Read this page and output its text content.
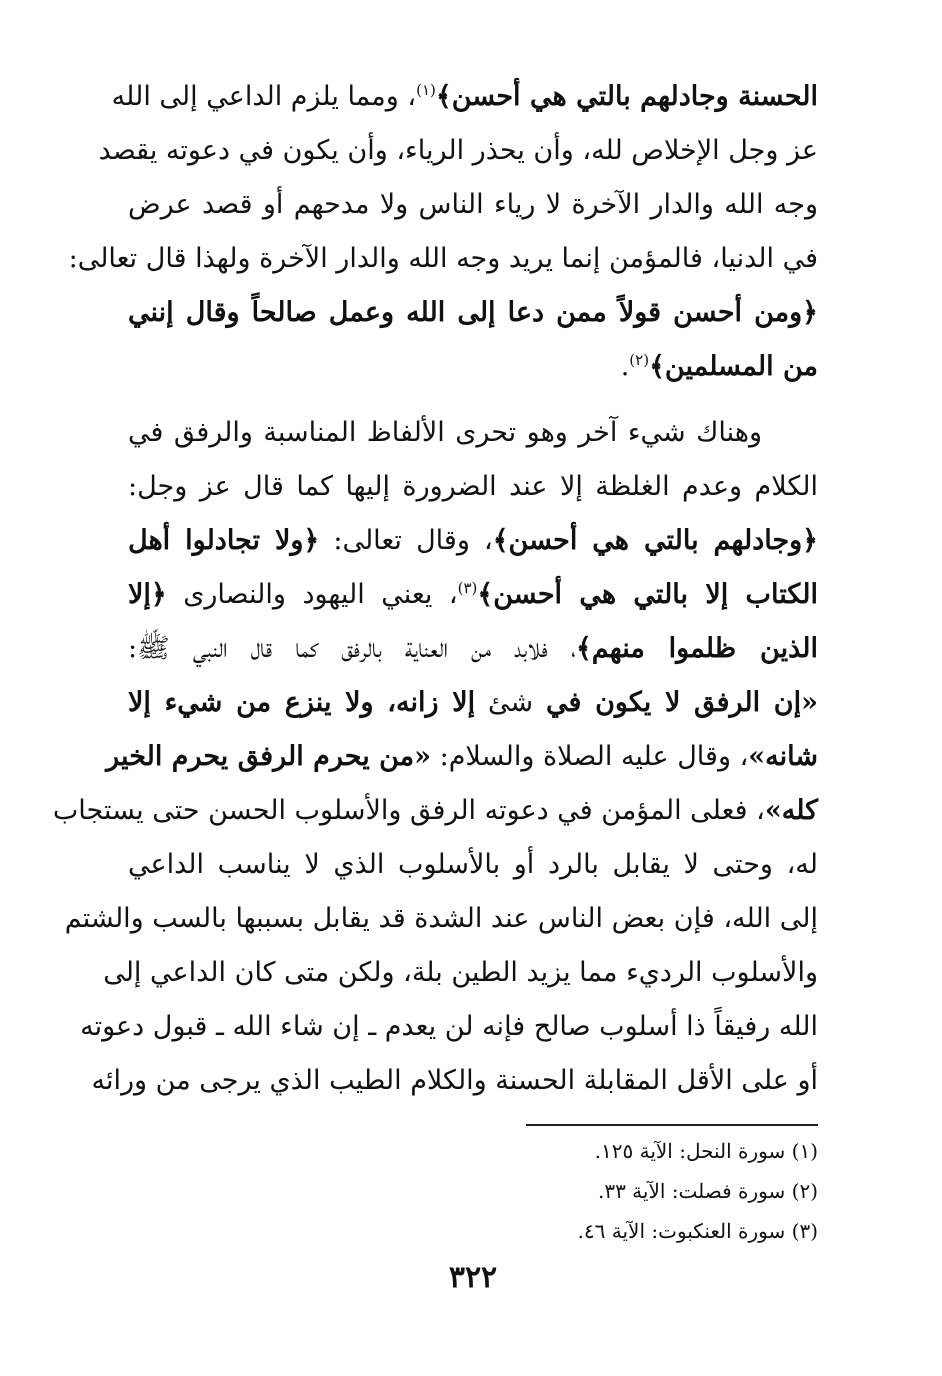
الحسنة وجادلهم بالتي هي أحسن﴾$^{(١)}$، ومما يلزم الداعي إلى الله
عز وجل الإخلاص لله، وأن يحذر الرياء، وأن يكون في دعوته يقصد
وجه الله والدار الآخرة لا رياء الناس ولا مدحهم أو قصد عرض
في الدنيا، فالمؤمن إنما يريد وجه الله والدار الآخرة ولهذا قال تعالى:
﴿ومن أحسن قولاً ممن دعا إلى الله وعمل صالحاً وقال إنني
من المسلمين﴾$^{(٢)}$.
وهناك شيء آخر وهو تحرى الألفاظ المناسبة والرفق في
الكلام وعدم الغلظة إلا عند الضرورة إليها كما قال عز وجل:
﴿وجادلهم بالتي هي أحسن﴾، وقال تعالى: ﴿ولا تجادلوا أهل
الكتاب إلا بالتي هي أحسن﴾$^{(٣)}$، يعني اليهود والنصارى ﴿إلا
الذين ظلموا منهم﴾، فلابد من العناية بالرفق كما قال النبي ﷺ:
«إن الرفق لا يكون في شئ إلا زانه، ولا ينزع من شيء إلا
شانه»، وقال عليه الصلاة والسلام: «من يحرم الرفق يحرم الخير
كله»، فعلى المؤمن في دعوته الرفق والأسلوب الحسن حتى يستجاب
له، وحتى لا يقابل بالرد أو بالأسلوب الذي لا يناسب الداعي
إلى الله، فإن بعض الناس عند الشدة قد يقابل بسببها بالسب والشتم
والأسلوب الرديء مما يزيد الطين بلة، ولكن متى كان الداعي إلى
الله رفيقاً ذا أسلوب صالح فإنه لن يعدم ـ إن شاء الله ـ قبول دعوته
أو على الأقل المقابلة الحسنة والكلام الطيب الذي يرجى من ورائه
(١) سورة النحل: الآية ١٢٥.
(٢) سورة فصلت: الآية ٣٣.
(٣) سورة العنكبوت: الآية ٤٦.
٣٢٢
